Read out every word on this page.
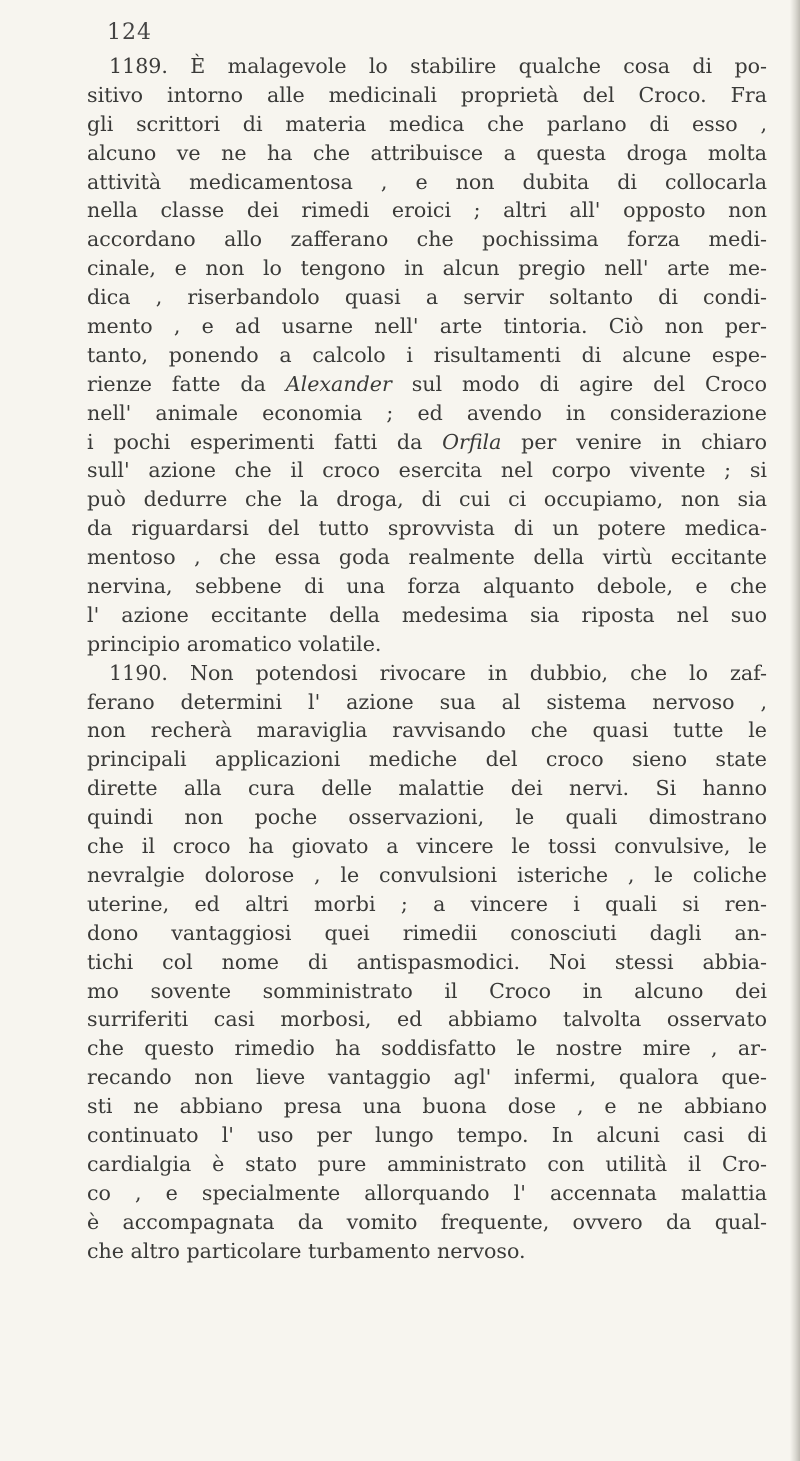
124
1189. È malagevole lo stabilire qualche cosa di po-
sitivo intorno alle medicinali proprietà del Croco. Fra
gli scrittori di materia medica che parlano di esso ,
alcuno ve ne ha che attribuisce a questa droga molta
attività medicamentosa , e non dubita di collocarla
nella classe dei rimedi eroici ; altri all' opposto non
accordano allo zafferano che pochissima forza medi-
cinale, e non lo tengono in alcun pregio nell' arte me-
dica , riserbandolo quasi a servir soltanto di condi-
mento , e ad usarne nell' arte tintoria. Ciò non per-
tanto, ponendo a calcolo i risultamenti di alcune espe-
rienze fatte da Alexander sul modo di agire del Croco
nell' animale economia ; ed avendo in considerazione
i pochi esperimenti fatti da Orfila per venire in chiaro
sull' azione che il croco esercita nel corpo vivente ; si
può dedurre che la droga, di cui ci occupiamo, non sia
da riguardarsi del tutto sprovvista di un potere medica-
mentoso , che essa goda realmente della virtù eccitante
nervina, sebbene di una forza alquanto debole, e che
l' azione eccitante della medesima sia riposta nel suo
principio aromatico volatile.
1190. Non potendosi rivocare in dubbio, che lo zaf-
ferano determini l' azione sua al sistema nervoso ,
non recherà maraviglia ravvisando che quasi tutte le
principali applicazioni mediche del croco sieno state
dirette alla cura delle malattie dei nervi. Si hanno
quindi non poche osservazioni, le quali dimostrano
che il croco ha giovato a vincere le tossi convulsive, le
nevralgie dolorose , le convulsioni isteriche , le coliche
uterine, ed altri morbi ; a vincere i quali si ren-
dono vantaggiosi quei rimedii conosciuti dagli an-
tichi col nome di antispasmodici. Noi stessi abbia-
mo sovente somministrato il Croco in alcuno dei
surriferiti casi morbosi, ed abbiamo talvolta osservato
che questo rimedio ha soddisfatto le nostre mire , ar-
recando non lieve vantaggio agl' infermi, qualora que-
sti ne abbiano presa una buona dose , e ne abbiano
continuato l' uso per lungo tempo. In alcuni casi di
cardialgia è stato pure amministrato con utilità il Cro-
co , e specialmente allorquando l' accennata malattia
è accompagnata da vomito frequente, ovvero da qual-
che altro particolare turbamento nervoso.
